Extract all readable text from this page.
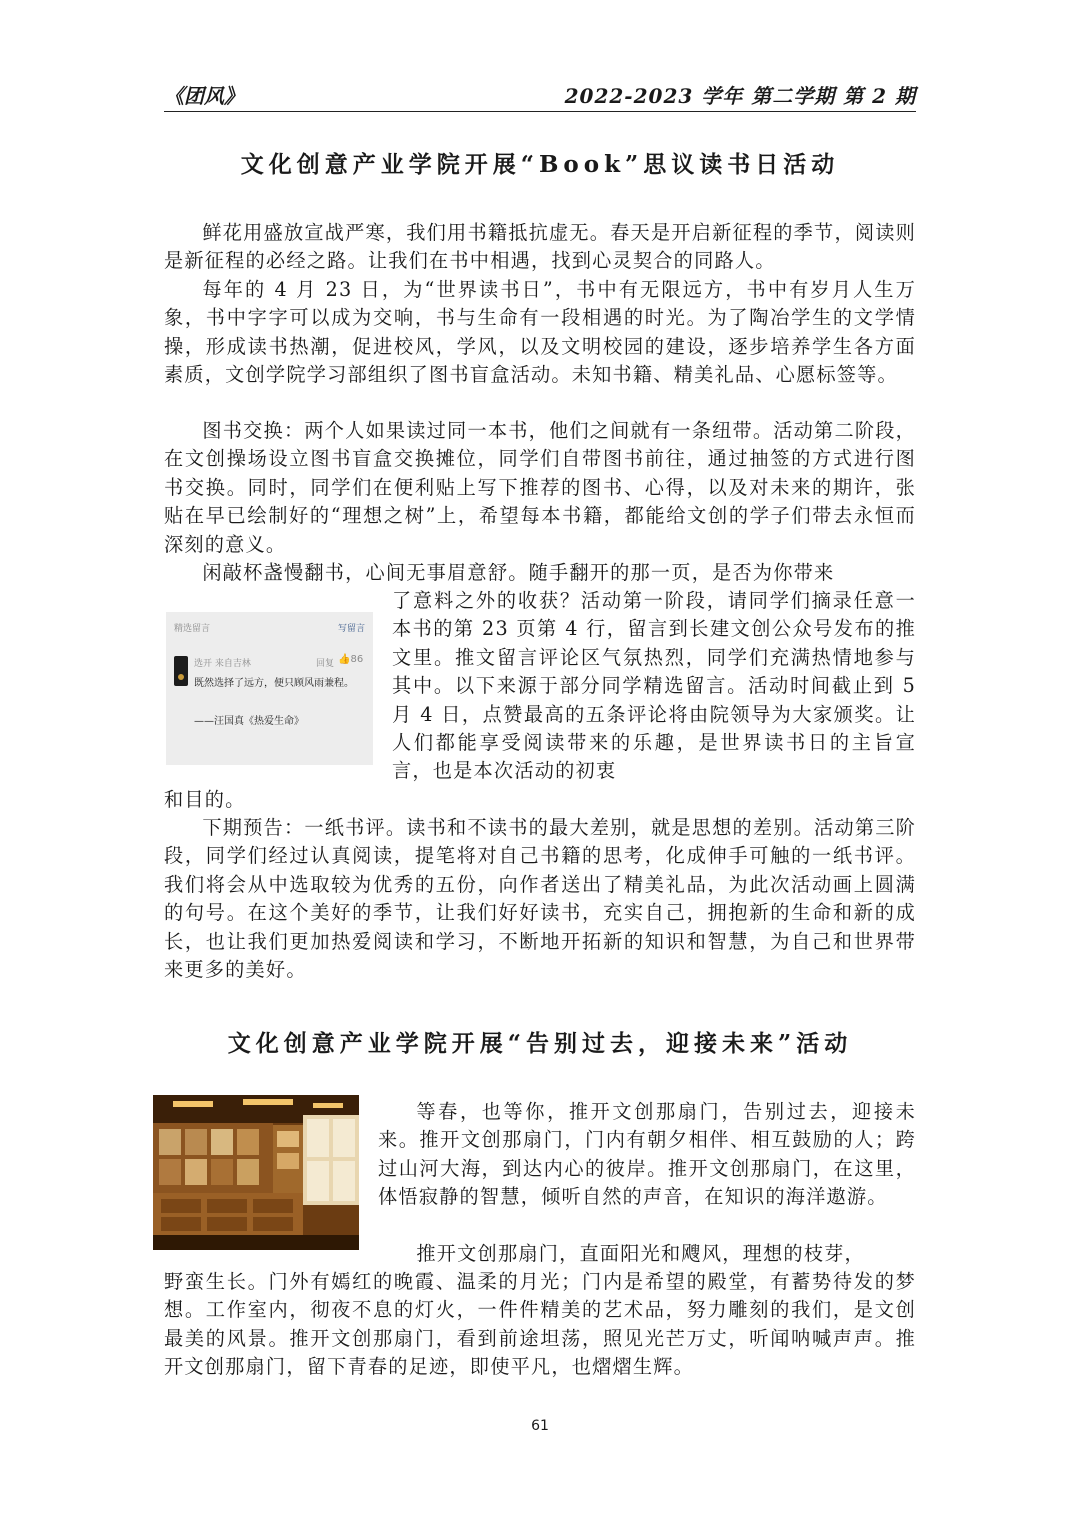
《团风》	2022-2023 学年 第二学期 第 2 期
文化创意产业学院开展“Book”思议读书日活动

鲜花用盛放宣战严寒，我们用书籍抵抗虚无。春天是开启新征程的季节，阅读则是新征程的必经之路。让我们在书中相遇，找到心灵契合的同路人。

每年的 4 月 23 日，为“世界读书日”，书中有无限远方，书中有岁月人生万象，书中字字可以成为交响，书与生命有一段相遇的时光。为了陶冶学生的文学情操，形成读书热潮，促进校风，学风，以及文明校园的建设，逐步培养学生各方面素质，文创学院学习部组织了图书盲盒活动。未知书籍、精美礼品、心愿标签等。

图书交换：两个人如果读过同一本书，他们之间就有一条纽带。活动第二阶段，在文创操场设立图书盲盒交换摊位，同学们自带图书前往，通过抽签的方式进行图书交换。同时，同学们在便利贴上写下推荐的图书、心得，以及对未来的期许，张贴在早已绘制好的“理想之树”上，希望每本书籍，都能给文创的学子们带去永恒而深刻的意义。

闲敲杯盏慢翻书，心间无事眉意舒。随手翻开的那一页，是否为你带来

了意料之外的收获？活动第一阶段，请同学们摘录任意一本书的第 23 页第 4 行，留言到长建文创公众号发布的推文里。推文留言评论区气氛热烈，同学们充满热情地参与其中。以下来源于部分同学精选留言。活动时间截止到 5 月 4 日，点赞最高的五条评论将由院领导为大家颁奖。让人们都能享受阅读带来的乐趣，是世界读书日的主旨宣言，也是本次活动的初衷

和目的。

下期预告：一纸书评。读书和不读书的最大差别，就是思想的差别。活动第三阶段，同学们经过认真阅读，提笔将对自己书籍的思考，化成伸手可触的一纸书评。我们将会从中选取较为优秀的五份，向作者送出了精美礼品，为此次活动画上圆满的句号。在这个美好的季节，让我们好好读书，充实自己，拥抱新的生命和新的成长，也让我们更加热爱阅读和学习，不断地开拓新的知识和智慧，为自己和世界带来更多的美好。

精选留言	写留言
选开 来自吉林	回复 👍86
既然选择了远方，便只顾风雨兼程。
——汪国真《热爱生命》
文化创意产业学院开展“告别过去，迎接未来”活动

等春，也等你，推开文创那扇门，告别过去，迎接未来。推开文创那扇门，门内有朝夕相伴、相互鼓励的人；跨过山河大海，到达内心的彼岸。推开文创那扇门，在这里，体悟寂静的智慧，倾听自然的声音，在知识的海洋遨游。

推开文创那扇门，直面阳光和飕风，理想的枝芽，

野蛮生长。门外有嫣红的晚霞、温柔的月光；门内是希望的殿堂，有蓄势待发的梦想。工作室内，彻夜不息的灯火，一件件精美的艺术品，努力雕刻的我们，是文创最美的风景。推开文创那扇门，看到前途坦荡，照见光芒万丈，听闻呐喊声声。推开文创那扇门，留下青春的足迹，即使平凡，也熠熠生辉。

61
